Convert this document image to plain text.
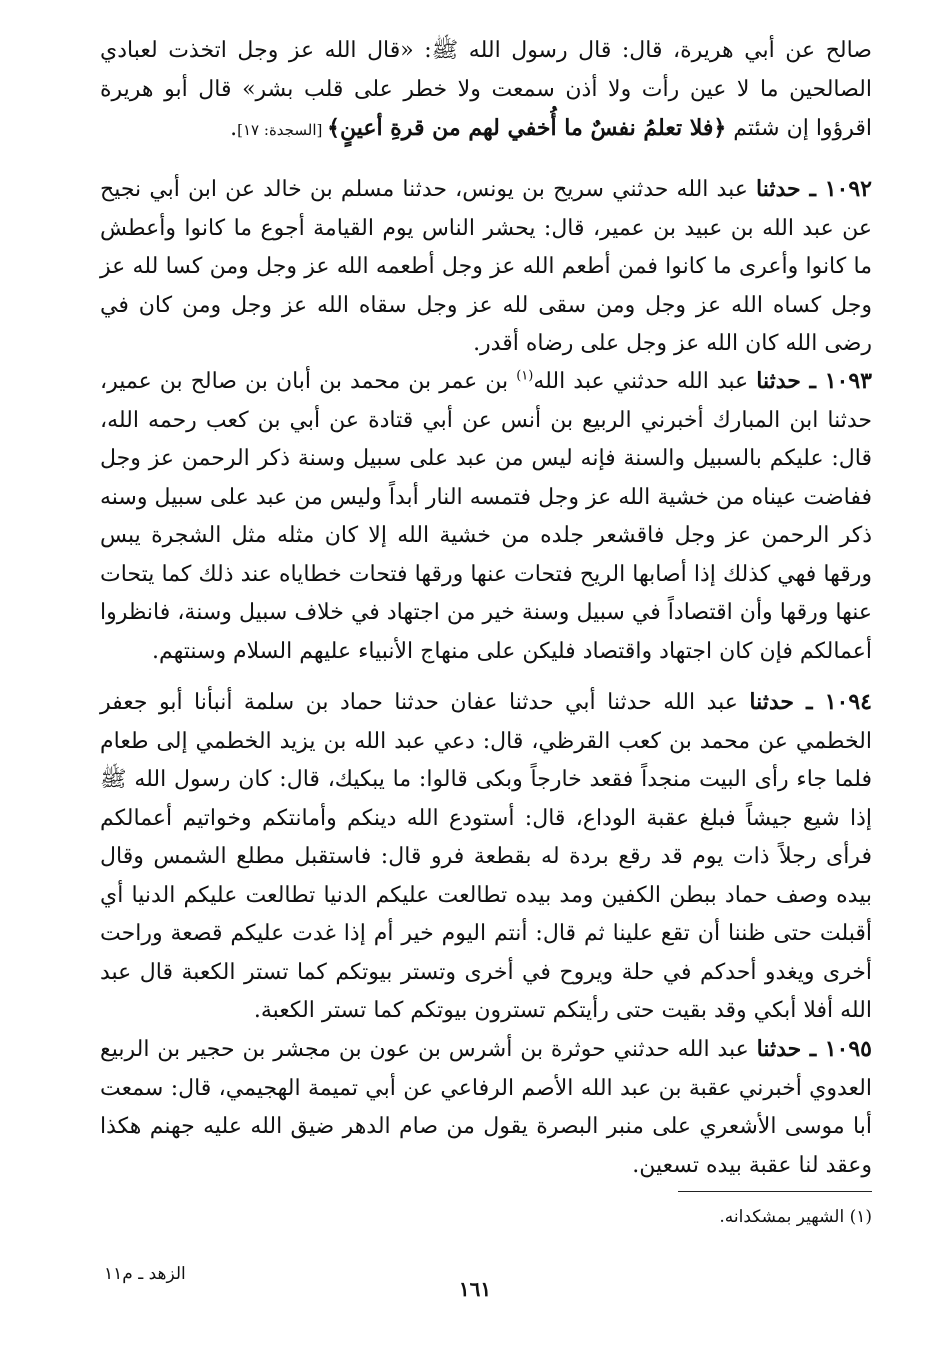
صالح عن أبي هريرة، قال: قال رسول الله ﷺ: «قال الله عز وجل اتخذت لعبادي الصالحين ما لا عين رأت ولا أذن سمعت ولا خطر على قلب بشر» قال أبو هريرة اقرؤوا إن شئتم ﴿فلا تعلمُ نفسٌ ما أُخفي لهم من قرةِ أعينٍ﴾ [السجدة: ١٧].

١٠٩٢ ـ حدثنا عبد الله حدثني سريح بن يونس، حدثنا مسلم بن خالد عن ابن أبي نجيح عن عبد الله بن عبيد بن عمير، قال: يحشر الناس يوم القيامة أجوع ما كانوا وأعطش ما كانوا وأعرى ما كانوا فمن أطعم الله عز وجل أطعمه الله عز وجل ومن كسا لله عز وجل كساه الله عز وجل ومن سقى لله عز وجل سقاه الله عز وجل ومن كان في رضى الله كان الله عز وجل على رضاه أقدر.

١٠٩٣ ـ حدثنا عبد الله حدثني عبد الله$^{(١)}$ بن عمر بن محمد بن أبان بن صالح بن عمير، حدثنا ابن المبارك أخبرني الربيع بن أنس عن أبي قتادة عن أبي بن كعب رحمه الله، قال: عليكم بالسبيل والسنة فإنه ليس من عبد على سبيل وسنة ذكر الرحمن عز وجل ففاضت عيناه من خشية الله عز وجل فتمسه النار أبداً وليس من عبد على سبيل وسنه ذكر الرحمن عز وجل فاقشعر جلده من خشية الله إلا كان مثله مثل الشجرة يبس ورقها فهي كذلك إذا أصابها الريح فتحات عنها ورقها فتحات خطاياه عند ذلك كما يتحات عنها ورقها وأن اقتصاداً في سبيل وسنة خير من اجتهاد في خلاف سبيل وسنة، فانظروا أعمالكم فإن كان اجتهاد واقتصاد فليكن على منهاج الأنبياء عليهم السلام وسنتهم.

١٠٩٤ ـ حدثنا عبد الله حدثنا أبي حدثنا عفان حدثنا حماد بن سلمة أنبأنا أبو جعفر الخطمي عن محمد بن كعب القرظي، قال: دعي عبد الله بن يزيد الخطمي إلى طعام فلما جاء رأى البيت منجداً فقعد خارجاً وبكى قالوا: ما يبكيك، قال: كان رسول الله ﷺ إذا شيع جيشاً فبلغ عقبة الوداع، قال: أستودع الله دينكم وأمانتكم وخواتيم أعمالكم فرأى رجلاً ذات يوم قد رقع بردة له بقطعة فرو قال: فاستقبل مطلع الشمس وقال بيده وصف حماد ببطن الكفين ومد بيده تطالعت عليكم الدنيا تطالعت عليكم الدنيا أي أقبلت حتى ظننا أن تقع علينا ثم قال: أنتم اليوم خير أم إذا غدت عليكم قصعة وراحت أخرى ويغدو أحدكم في حلة ويروح في أخرى وتستر بيوتكم كما تستر الكعبة قال عبد الله أفلا أبكي وقد بقيت حتى رأيتكم تسترون بيوتكم كما تستر الكعبة.

١٠٩٥ ـ حدثنا عبد الله حدثني حوثرة بن أشرس بن عون بن مجشر بن حجير بن الربيع العدوي أخبرني عقبة بن عبد الله الأصم الرفاعي عن أبي تميمة الهجيمي، قال: سمعت أبا موسى الأشعري على منبر البصرة يقول من صام الدهر ضيق الله عليه جهنم هكذا وعقد لنا عقبة بيده تسعين.

(١) الشهير بمشكدانه.
الزهد ـ م١١
١٦١
